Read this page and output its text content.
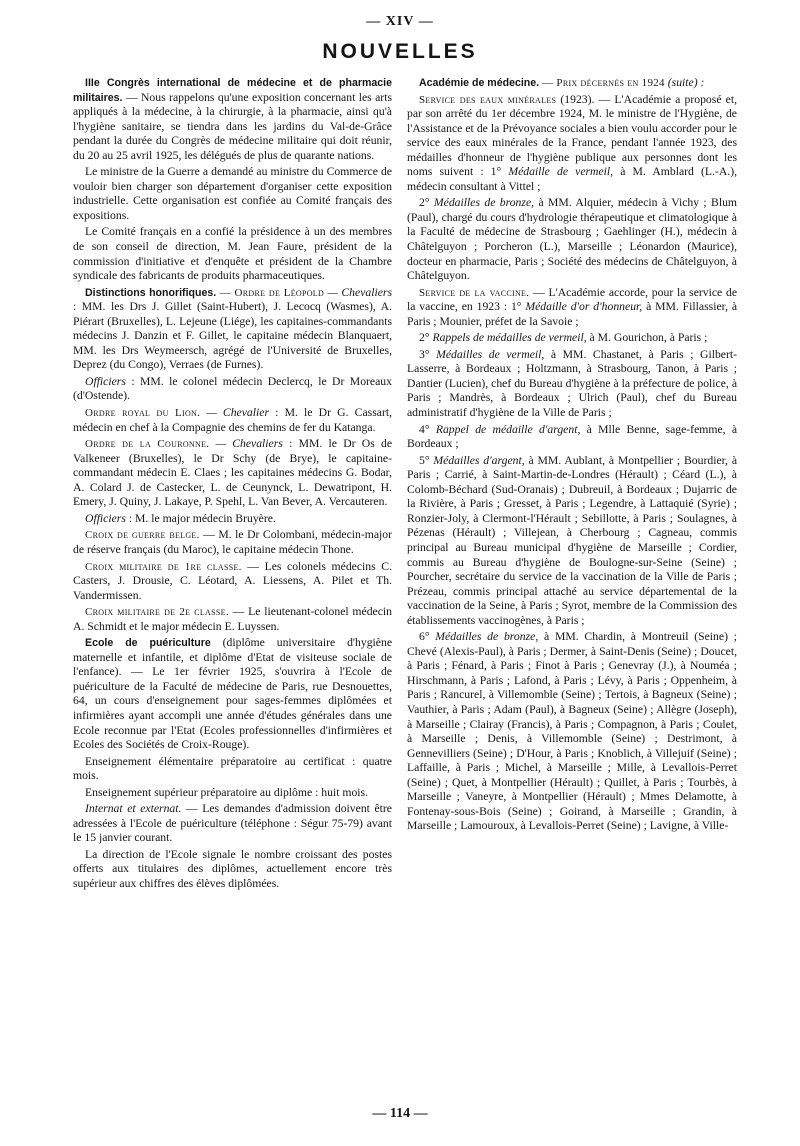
— XIV —
NOUVELLES

IIIe Congrès international de médecine et de pharmacie militaires. — Nous rappelons qu'une exposition concernant les arts appliqués à la médecine, à la chirurgie, à la pharmacie, ainsi qu'à l'hygiène sanitaire, se tiendra dans les jardins du Val-de-Grâce pendant la durée du Congrès de médecine militaire qui doit réunir, du 20 au 25 avril 1925, les délégués de plus de quarante nations.

Le ministre de la Guerre a demandé au ministre du Commerce de vouloir bien charger son département d'organiser cette exposition industrielle. Cette organisation est confiée au Comité français des expositions.

Le Comité français en a confié la présidence à un des membres de son conseil de direction, M. Jean Faure, président de la commission d'initiative et d'enquête et président de la Chambre syndicale des fabricants de produits pharmaceutiques.

Distinctions honorifiques. — Ordre de Léopold — Chevaliers : MM. les Drs J. Gillet (Saint-Hubert), J. Lecocq (Wasmes), A. Piérart (Bruxelles), L. Lejeune (Liége), les capitaines-commandants médecins J. Danzin et F. Gillet, le capitaine médecin Blanquaert, MM. les Drs Weymeersch, agrégé de l'Université de Bruxelles, Deprez (du Congo), Verraes (de Furnes).

Officiers : MM. le colonel médecin Declercq, le Dr Moreaux (d'Ostende).

Ordre royal du Lion. — Chevalier : M. le Dr G. Cassart, médecin en chef à la Compagnie des chemins de fer du Katanga.

Ordre de la Couronne. — Chevaliers : MM. le Dr Os de Valkeneer (Bruxelles), le Dr Schy (de Brye), le capitaine-commandant médecin E. Claes ; les capitaines médecins G. Bodar, A. Colard J. de Castecker, L. de Ceunynck, L. Dewatripont, H. Emery, J. Quiny, J. Lakaye, P. Spehl, L. Van Bever, A. Vercauteren.

Officiers : M. le major médecin Bruyère.

Croix de guerre belge. — M. le Dr Colombani, médecin-major de réserve français (du Maroc), le capitaine médecin Thone.

Croix militaire de 1re classe. — Les colonels médecins C. Casters, J. Drousie, C. Léotard, A. Liessens, A. Pilet et Th. Vandermissen.

Croix militaire de 2e classe. — Le lieutenant-colonel médecin A. Schmidt et le major médecin E. Luyssen.

Ecole de puériculture (diplôme universitaire d'hygiène maternelle et infantile, et diplôme d'Etat de visiteuse sociale de l'enfance). — Le 1er février 1925, s'ouvrira à l'Ecole de puériculture de la Faculté de médecine de Paris, rue Desnouettes, 64, un cours d'enseignement pour sages-femmes diplômées et infirmières ayant accompli une année d'études générales dans une Ecole reconnue par l'Etat (Ecoles professionnelles d'infirmières et Ecoles des Sociétés de Croix-Rouge).

Enseignement élémentaire préparatoire au certificat : quatre mois.

Enseignement supérieur préparatoire au diplôme : huit mois.

Internat et externat. — Les demandes d'admission doivent être adressées à l'Ecole de puériculture (téléphone : Ségur 75-79) avant le 15 janvier courant.

La direction de l'Ecole signale le nombre croissant des postes offerts aux titulaires des diplômes, actuellement encore très supérieur aux chiffres des élèves diplômées.

Académie de médecine. — Prix décernés en 1924 (suite) :

Service des eaux minérales (1923). — L'Académie a proposé et, par son arrêté du 1er décembre 1924, M. le ministre de l'Hygiène, de l'Assistance et de la Prévoyance sociales a bien voulu accorder pour le service des eaux minérales de la France, pendant l'année 1923, des médailles d'honneur de l'hygiène publique aux personnes dont les noms suivent : 1° Médaille de vermeil, à M. Amblard (L.-A.), médecin consultant à Vittel ;

2° Médailles de bronze, à MM. Alquier, médecin à Vichy ; Blum (Paul), chargé du cours d'hydrologie thérapeutique et climatologique à la Faculté de médecine de Strasbourg ; Gaehlinger (H.), médecin à Châtelguyon ; Porcheron (L.), Marseille ; Léonardon (Maurice), docteur en pharmacie, Paris ; Société des médecins de Châtelguyon, à Châtelguyon.

Service de la vaccine. — L'Académie accorde, pour la service de la vaccine, en 1923 : 1° Médaille d'or d'honneur, à MM. Fillassier, à Paris ; Mounier, préfet de la Savoie ;

2° Rappels de médailles de vermeil, à M. Gourichon, à Paris ;

3° Médailles de vermeil, à MM. Chastanet, à Paris ; Gilbert-Lasserre, à Bordeaux ; Holtzmann, à Strasbourg, Tanon, à Paris ; Dantier (Lucien), chef du Bureau d'hygiène à la préfecture de police, à Paris ; Mandrès, à Bordeaux ; Ulrich (Paul), chef du Bureau administratif d'hygiène de la Ville de Paris ;

4° Rappel de médaille d'argent, à Mlle Benne, sage-femme, à Bordeaux ;

5° Médailles d'argent, à MM. Aublant, à Montpellier ; Bourdier, à Paris ; Carrié, à Saint-Martin-de-Londres (Hérault) ; Céard (L.), à Colomb-Béchard (Sud-Oranais) ; Dubreuil, à Bordeaux ; Dujarric de la Rivière, à Paris ; Gresset, à Paris ; Legendre, à Lattaquié (Syrie) ; Ronzier-Joly, à Clermont-l'Hérault ; Sebillotte, à Paris ; Soulagnes, à Pézenas (Hérault) ; Villejean, à Cherbourg ; Cagneau, commis principal au Bureau municipal d'hygiène de Marseille ; Cordier, commis au Bureau d'hygiène de Boulogne-sur-Seine (Seine) ; Pourcher, secrétaire du service de la vaccination de la Ville de Paris ; Prézeau, commis principal attaché au service départemental de la vaccination de la Seine, à Paris ; Syrot, membre de la Commission des établissements vaccinogènes, à Paris ;

6° Médailles de bronze, à MM. Chardin, à Montreuil (Seine) ; Chevé (Alexis-Paul), à Paris ; Dermer, à Saint-Denis (Seine) ; Doucet, à Paris ; Fénard, à Paris ; Finot à Paris ; Genevray (J.), à Nouméa ; Hirschmann, à Paris ; Lafond, à Paris ; Lévy, à Paris ; Oppenheim, à Paris ; Rancurel, à Villemomble (Seine) ; Tertois, à Bagneux (Seine) ; Vauthier, à Paris ; Adam (Paul), à Bagneux (Seine) ; Allègre (Joseph), à Marseille ; Clairay (Francis), à Paris ; Compagnon, à Paris ; Coulet, à Marseille ; Denis, à Villemomble (Seine) ; Destrimont, à Gennevilliers (Seine) ; D'Hour, à Paris ; Knoblich, à Villejuif (Seine) ; Laffaille, à Paris ; Michel, à Marseille ; Mille, à Levallois-Perret (Seine) ; Quet, à Montpellier (Hérault) ; Quillet, à Paris ; Tourbès, à Marseille ; Vaneyre, à Montpellier (Hérault) ; Mmes Delamotte, à Fontenay-sous-Bois (Seine) ; Goirand, à Marseille ; Grandin, à Marseille ; Lamouroux, à Levallois-Perret (Seine) ; Lavigne, à Ville-

— 114 —
